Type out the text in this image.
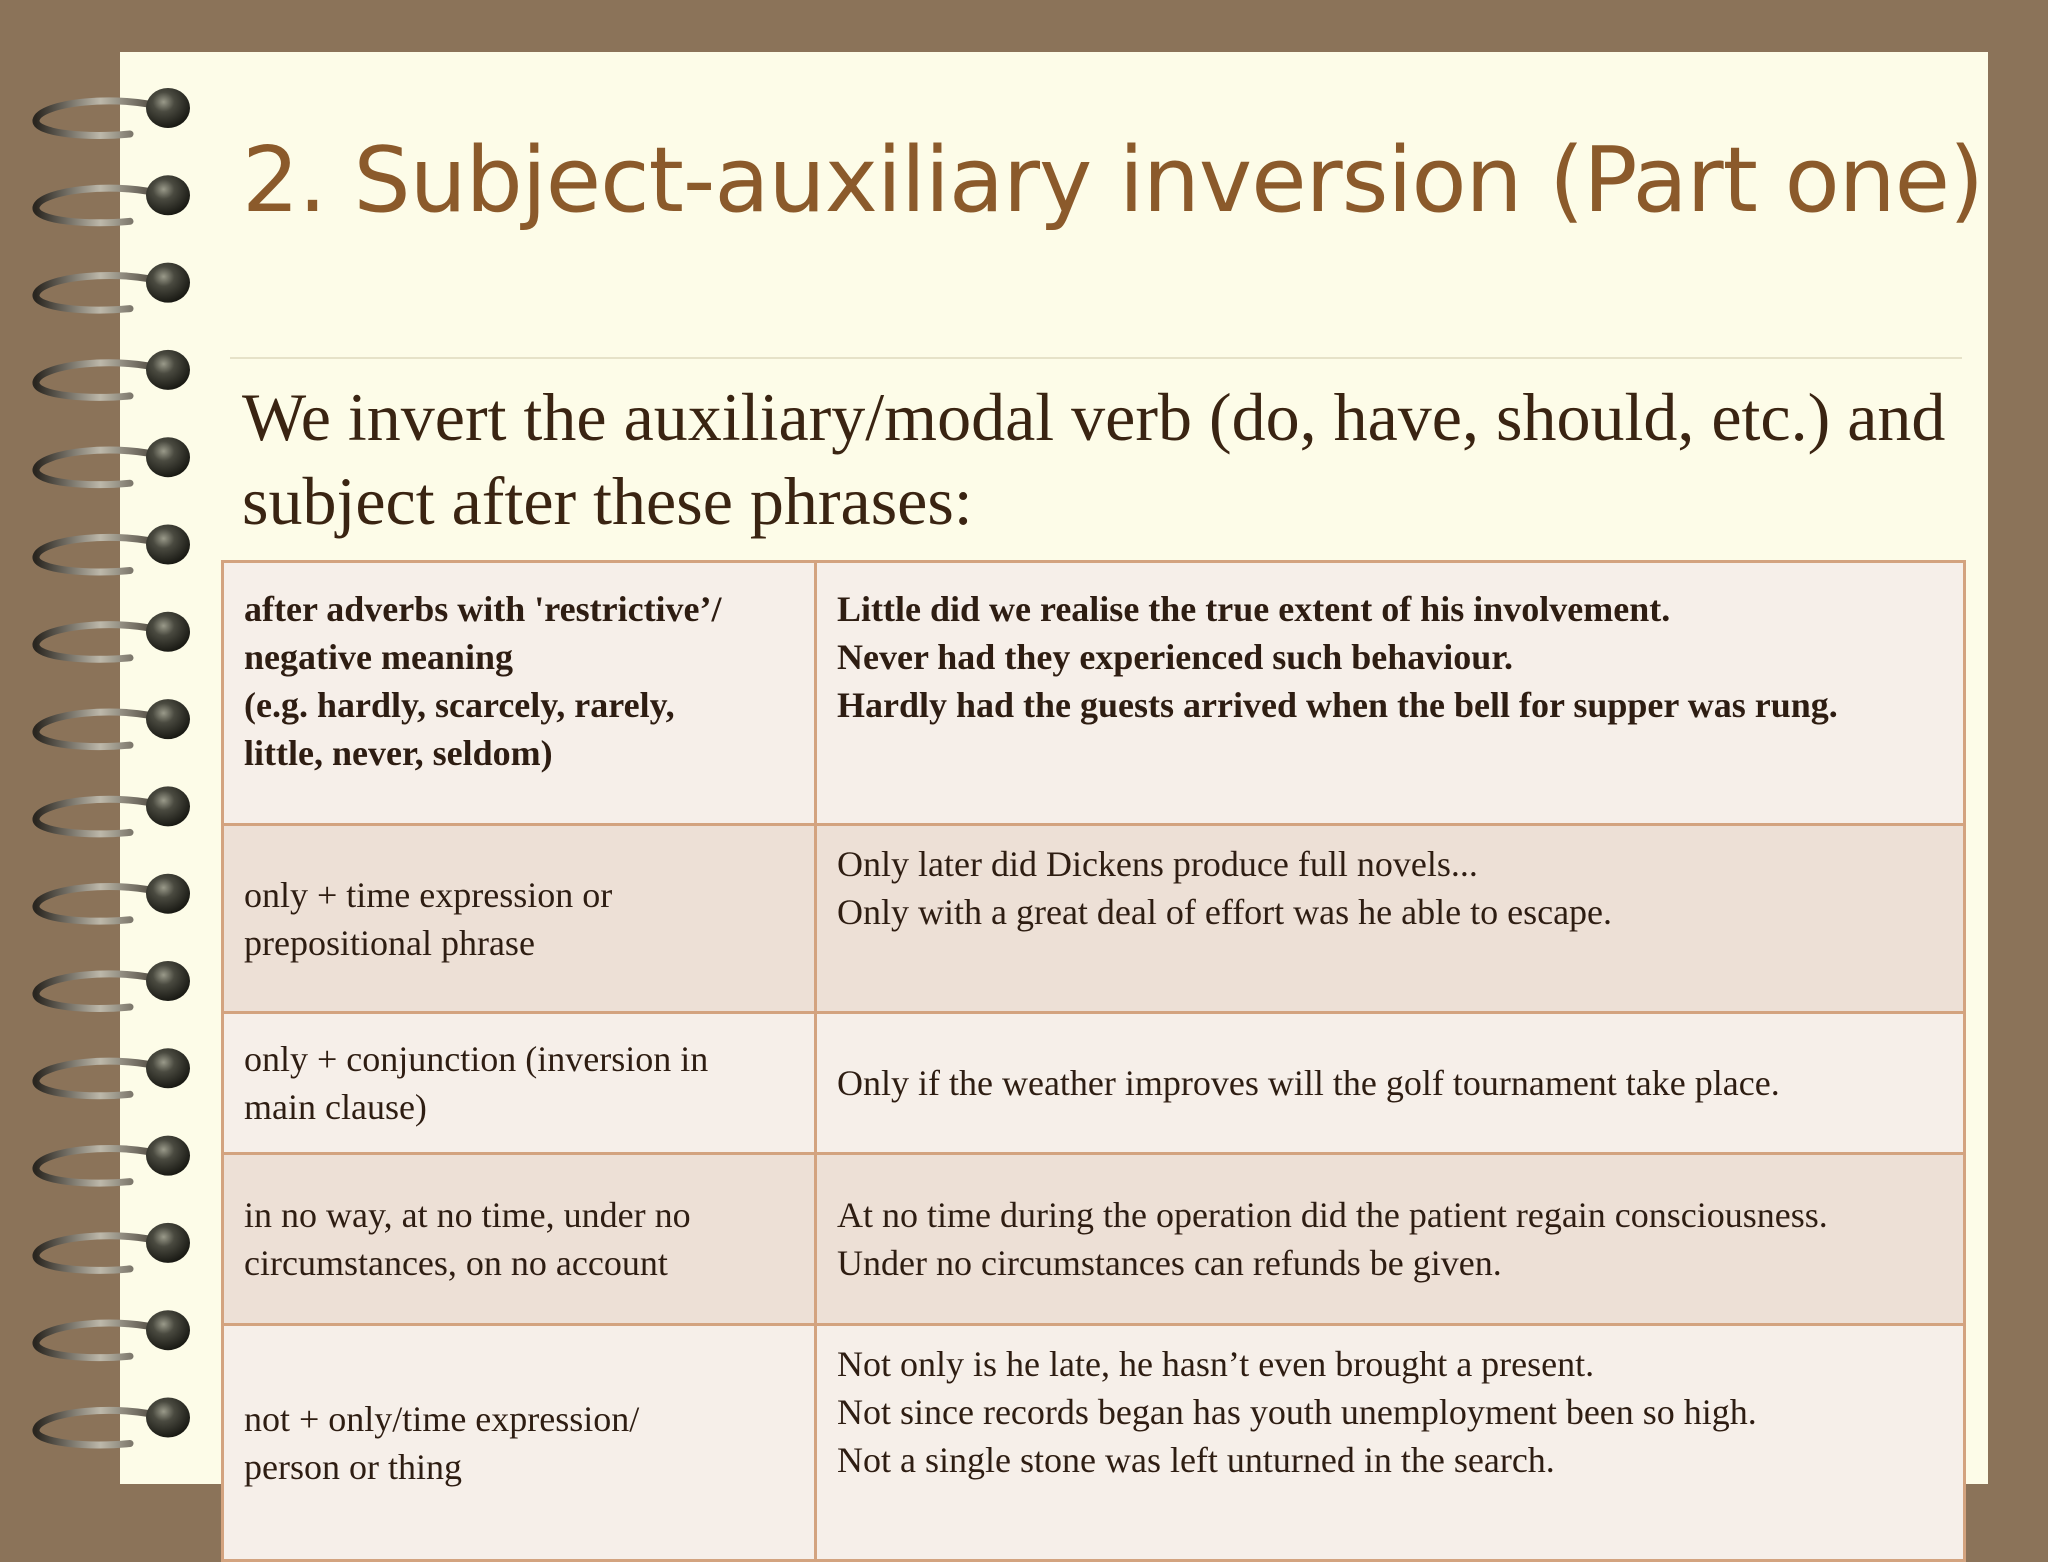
2. Subject-auxiliary inversion (Part one)

We invert the auxiliary/modal verb (do, have, should, etc.) and subject after these phrases:

after adverbs with 'restrictive’/
negative meaning
(e.g. hardly, scarcely, rarely,
little, never, seldom)	Little did we realise the true extent of his involvement.
Never had they experienced such behaviour.
Hardly had the guests arrived when the bell for supper was rung.

only + time expression or
prepositional phrase	Only later did Dickens produce full novels...
Only with a great deal of effort was he able to escape.

only + conjunction (inversion in
main clause)	Only if the weather improves will the golf tournament take place.

in no way, at no time, under no
circumstances, on no account	At no time during the operation did the patient regain consciousness.
Under no circumstances can refunds be given.

not + only/time expression/
person or thing	Not only is he late, he hasn’t even brought a present.
Not since records began has youth unemployment been so high.
Not a single stone was left unturned in the search.
